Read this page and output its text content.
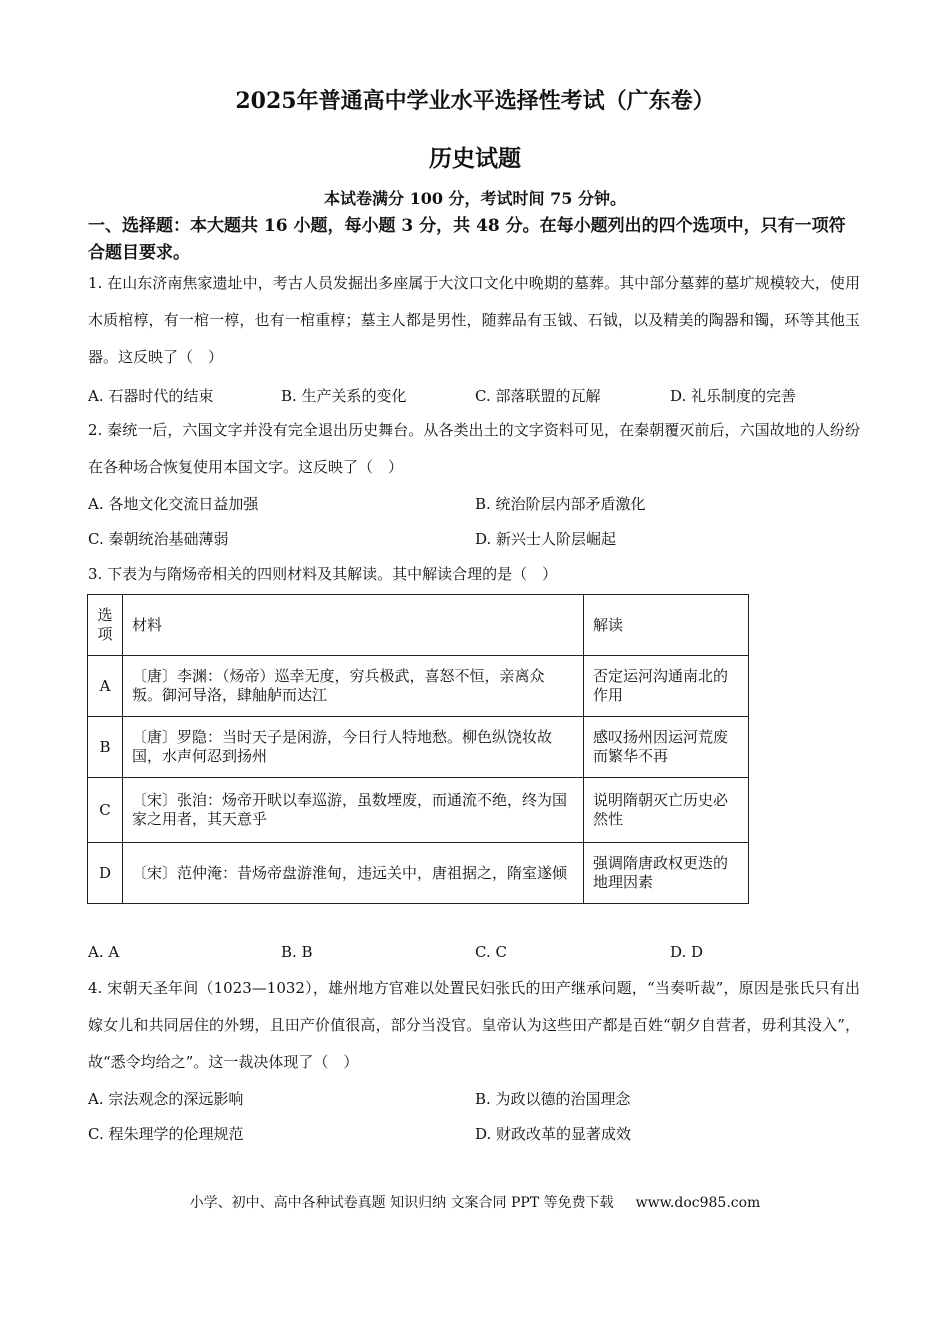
2025年普通高中学业水平选择性考试（广东卷）
历史试题
本试卷满分 100 分，考试时间 75 分钟。
一、选择题：本大题共 16 小题，每小题 3 分，共 48 分。在每小题列出的四个选项中，只有一项符合题目要求。
1. 在山东济南焦家遗址中，考古人员发掘出多座属于大汶口文化中晚期的墓葬。其中部分墓葬的墓圹规模较大，使用木质棺椁，有一棺一椁，也有一棺重椁；墓主人都是男性，随葬品有玉钺、石钺，以及精美的陶器和镯，环等其他玉器。这反映了（　）
A. 石器时代的结束	B. 生产关系的变化	C. 部落联盟的瓦解	D. 礼乐制度的完善
2. 秦统一后，六国文字并没有完全退出历史舞台。从各类出土的文字资料可见，在秦朝覆灭前后，六国故地的人纷纷在各种场合恢复使用本国文字。这反映了（　）
A. 各地文化交流日益加强	B. 统治阶层内部矛盾激化
C. 秦朝统治基础薄弱	D. 新兴士人阶层崛起
3. 下表为与隋炀帝相关的四则材料及其解读。其中解读合理的是（　）
选项	材料	解读
A	〔唐〕李渊：（炀帝）巡幸无度，穷兵极武，喜怒不恒，亲离众叛。御河导洛，肆舳舻而达江	否定运河沟通南北的作用
B	〔唐〕罗隐：当时天子是闲游，今日行人特地愁。柳色纵饶妆故国，水声何忍到扬州	感叹扬州因运河荒废而繁华不再
C	〔宋〕张洎：炀帝开畎以奉巡游，虽数堙废，而通流不绝，终为国家之用者，其天意乎	说明隋朝灭亡历史必然性
D	〔宋〕范仲淹：昔炀帝盘游淮甸，违远关中，唐祖据之，隋室遂倾	强调隋唐政权更迭的地理因素
A. A	B. B	C. C	D. D
4. 宋朝天圣年间（1023—1032），雄州地方官难以处置民妇张氏的田产继承问题，“当奏听裁”，原因是张氏只有出嫁女儿和共同居住的外甥，且田产价值很高，部分当没官。皇帝认为这些田产都是百姓“朝夕自营者，毋利其没入”，故“悉令均给之”。这一裁决体现了（　）
A. 宗法观念的深远影响	B. 为政以德的治国理念
C. 程朱理学的伦理规范	D. 财政改革的显著成效
小学、初中、高中各种试卷真题 知识归纳 文案合同 PPT 等免费下载 www.doc985.com
